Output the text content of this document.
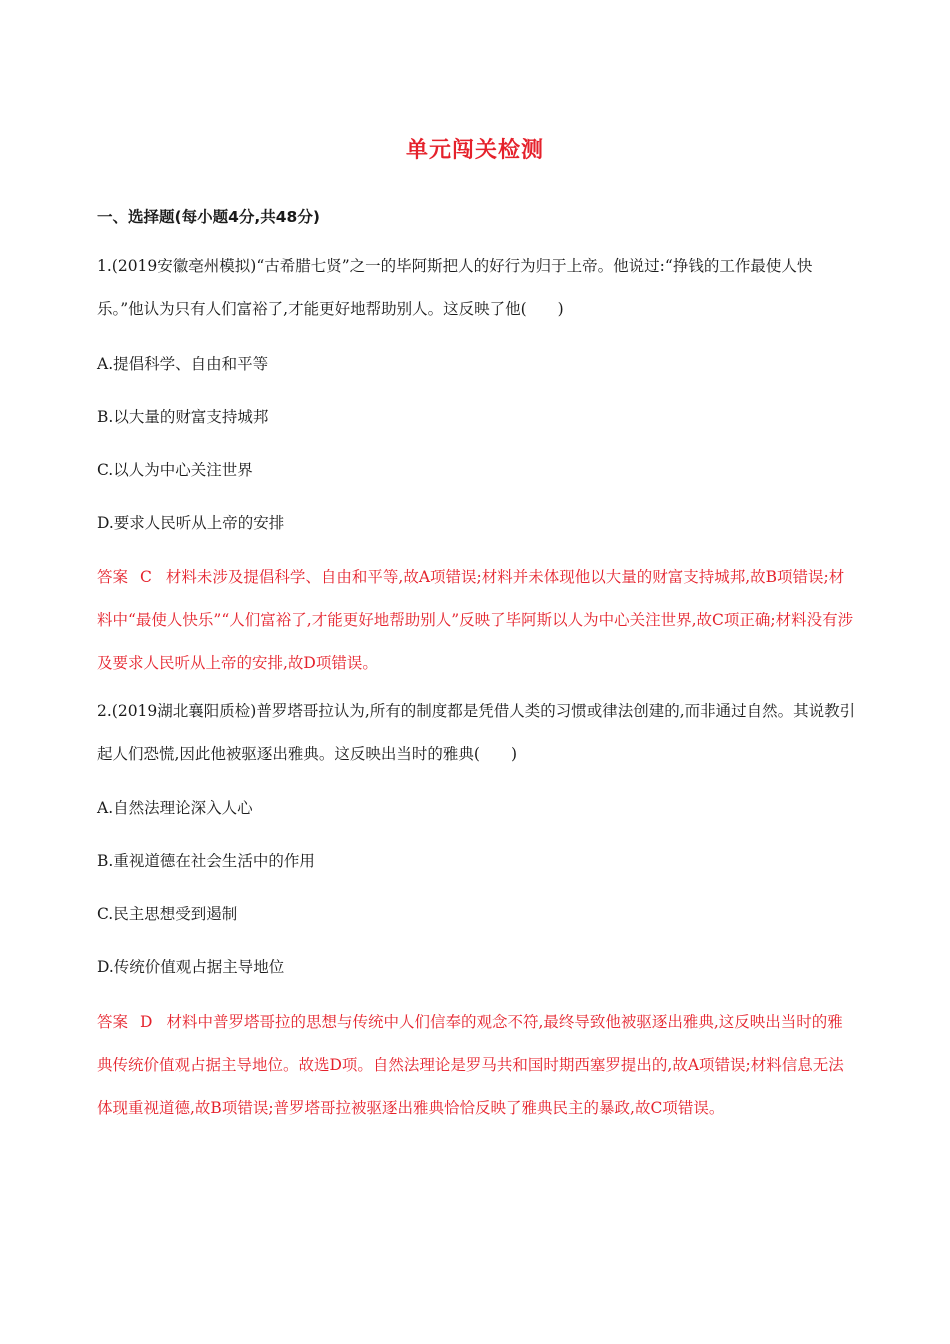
单元闯关检测
一、选择题(每小题4分,共48分)
1.(2019安徽亳州模拟)“古希腊七贤”之一的毕阿斯把人的好行为归于上帝。他说过:“挣钱的工作最使人快乐。”他认为只有人们富裕了,才能更好地帮助别人。这反映了他(　　)
A.提倡科学、自由和平等
B.以大量的财富支持城邦
C.以人为中心关注世界
D.要求人民听从上帝的安排
答案 C 材料未涉及提倡科学、自由和平等,故A项错误;材料并未体现他以大量的财富支持城邦,故B项错误;材料中“最使人快乐”“人们富裕了,才能更好地帮助别人”反映了毕阿斯以人为中心关注世界,故C项正确;材料没有涉及要求人民听从上帝的安排,故D项错误。
2.(2019湖北襄阳质检)普罗塔哥拉认为,所有的制度都是凭借人类的习惯或律法创建的,而非通过自然。其说教引起人们恐慌,因此他被驱逐出雅典。这反映出当时的雅典(　　)
A.自然法理论深入人心
B.重视道德在社会生活中的作用
C.民主思想受到遏制
D.传统价值观占据主导地位
答案 D 材料中普罗塔哥拉的思想与传统中人们信奉的观念不符,最终导致他被驱逐出雅典,这反映出当时的雅典传统价值观占据主导地位。故选D项。自然法理论是罗马共和国时期西塞罗提出的,故A项错误;材料信息无法体现重视道德,故B项错误;普罗塔哥拉被驱逐出雅典恰恰反映了雅典民主的暴政,故C项错误。
